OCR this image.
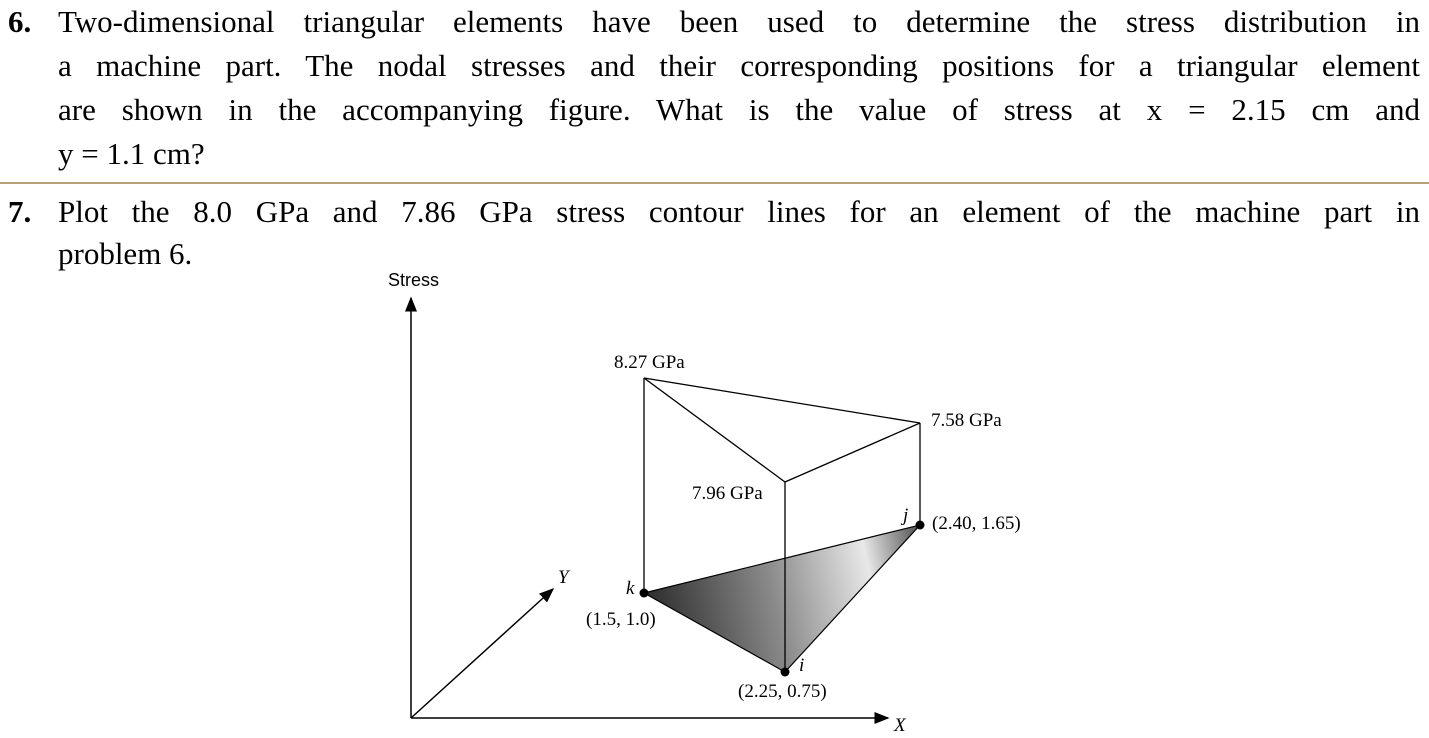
6. Two-dimensional triangular elements have been used to determine the stress distribution in
a machine part. The nodal stresses and their corresponding positions for a triangular element
are shown in the accompanying figure. What is the value of stress at x = 2.15 cm and
y = 1.1 cm?
7. Plot the 8.0 GPa and 7.86 GPa stress contour lines for an element of the machine part in
problem 6.
Stress
X
Y
8.27 GPa
7.96 GPa
7.58 GPa
k
i
j
(1.5, 1.0)
(2.25, 0.75)
(2.40, 1.65)
